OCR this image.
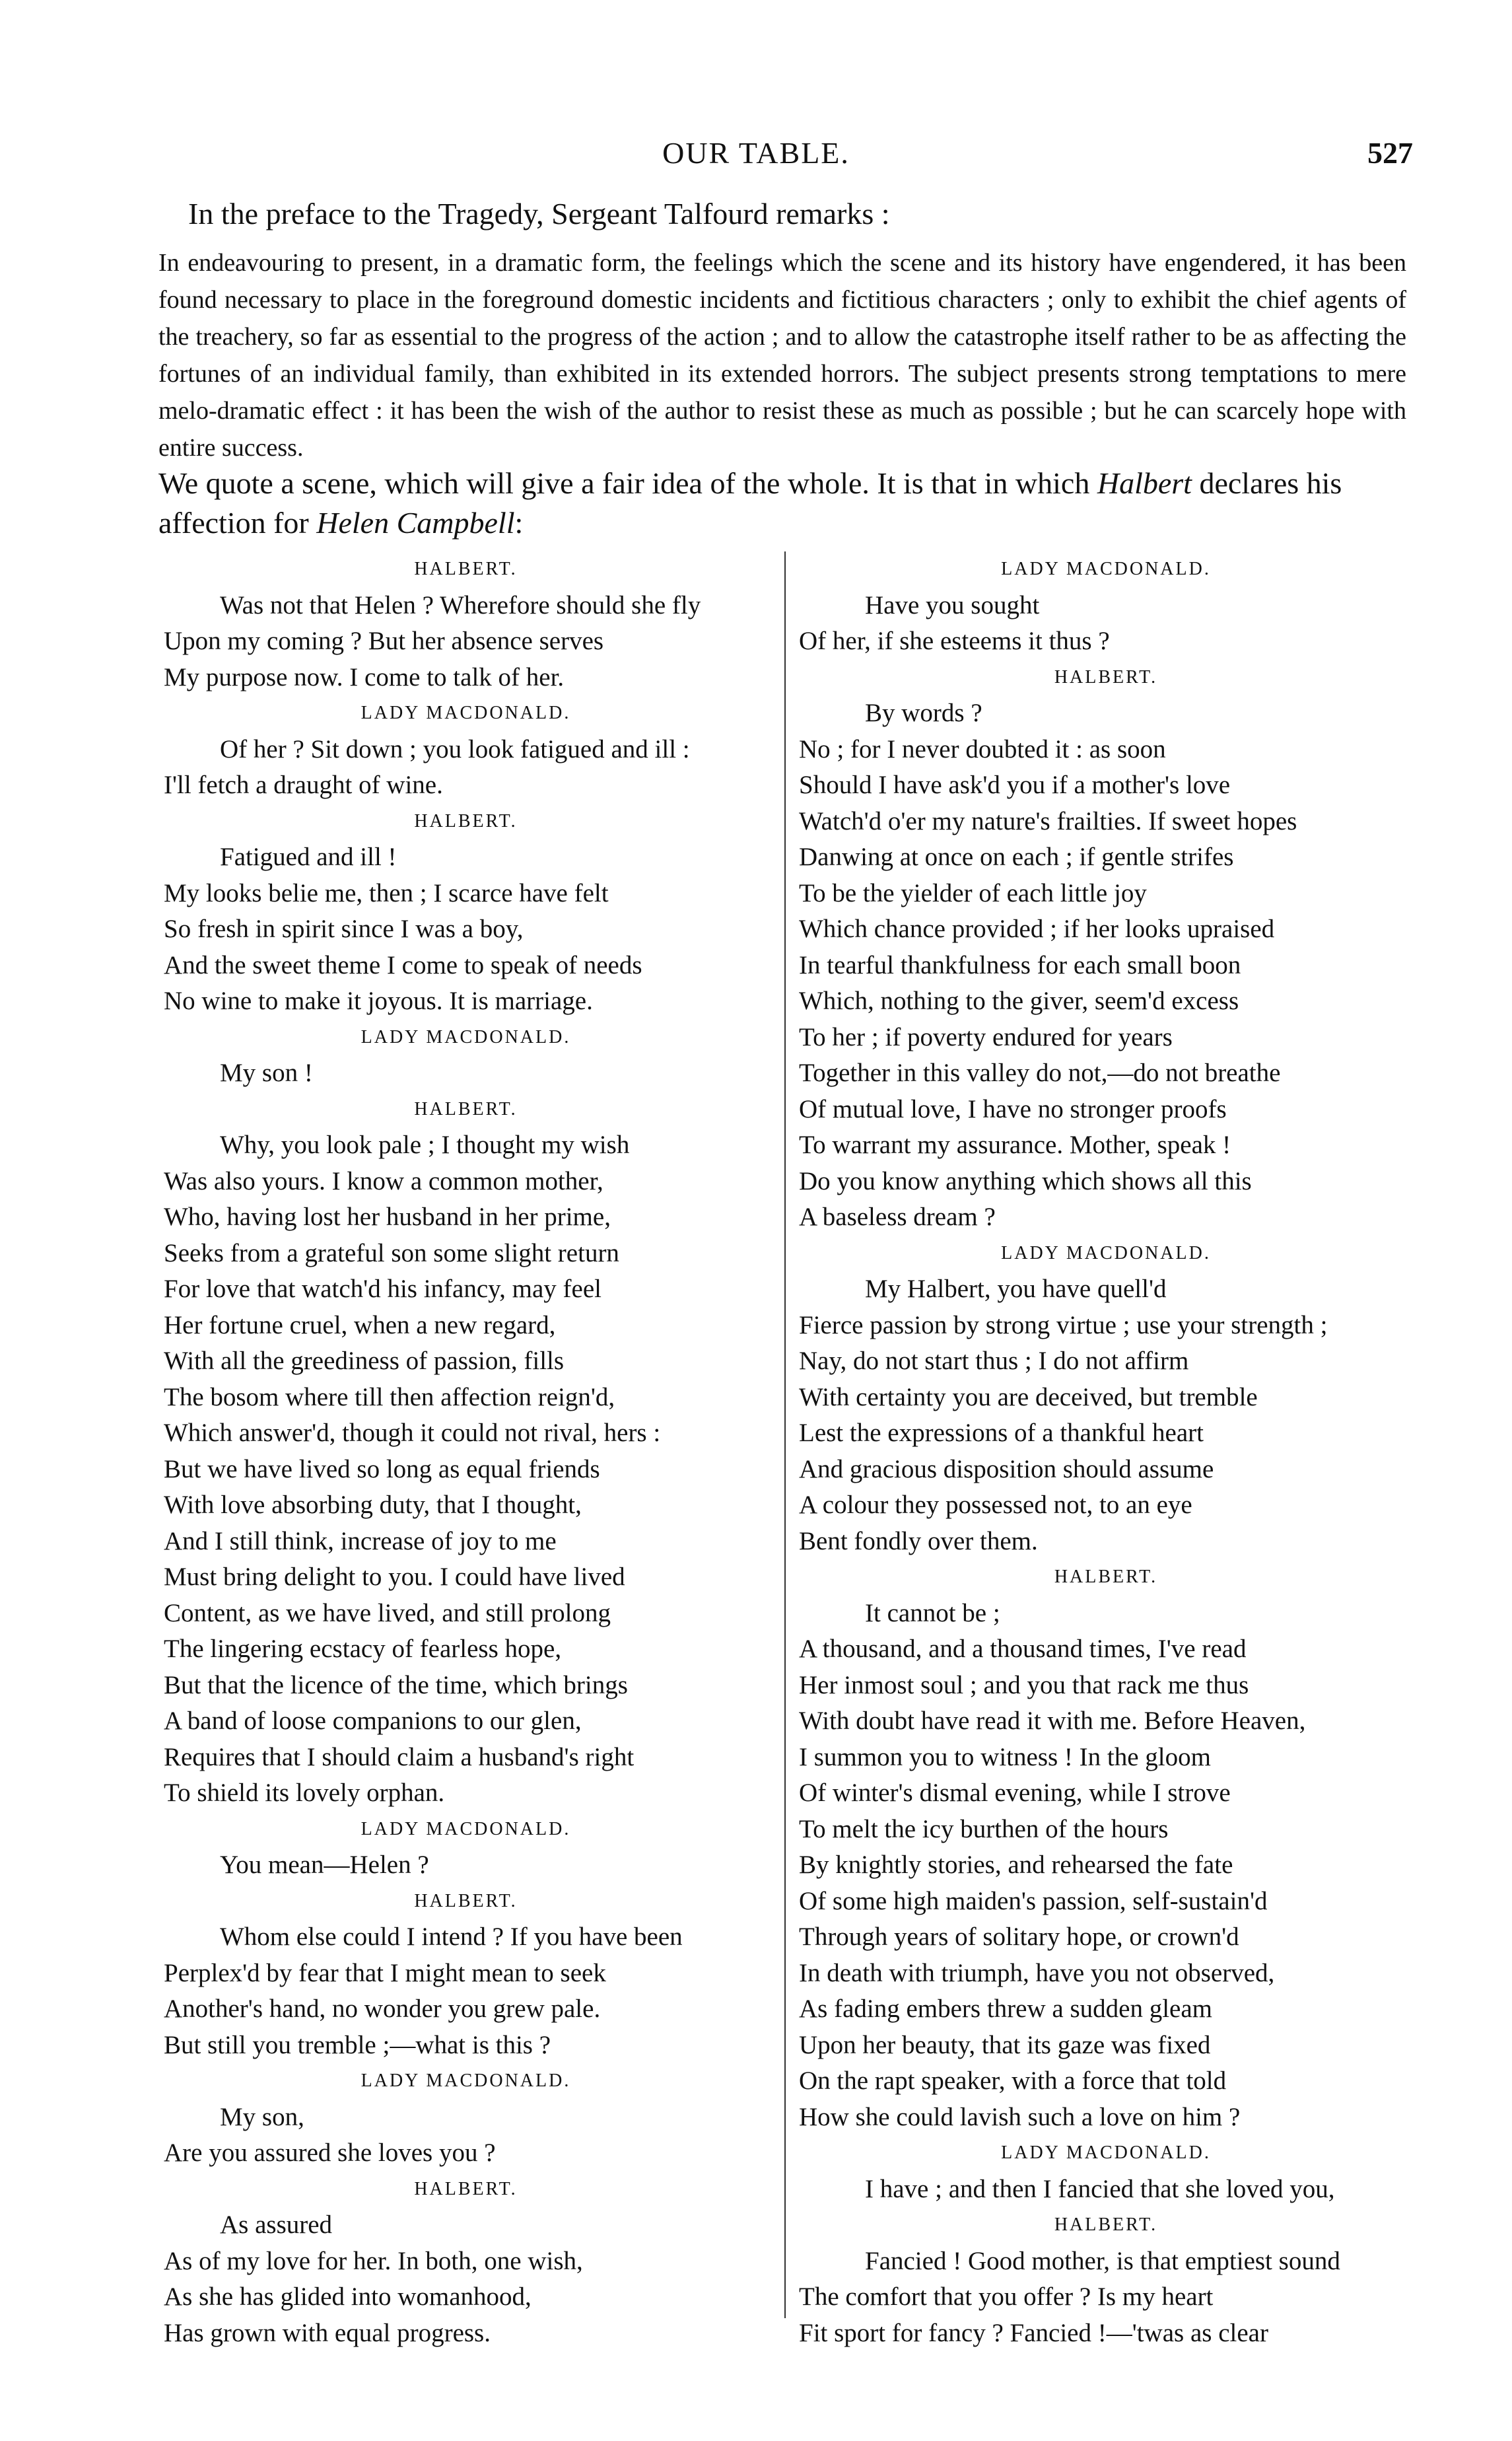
OUR TABLE.	527
In the preface to the Tragedy, Sergeant Talfourd remarks :
In endeavouring to present, in a dramatic form, the feelings which the scene and its history have engendered, it has been found necessary to place in the foreground domestic incidents and fictitious characters ; only to exhibit the chief agents of the treachery, so far as essential to the progress of the action ; and to allow the catastrophe itself rather to be as affecting the fortunes of an individual family, than exhibited in its extended horrors. The subject presents strong temptations to mere melo-dramatic effect : it has been the wish of the author to resist these as much as possible ; but he can scarcely hope with entire success.
We quote a scene, which will give a fair idea of the whole. It is that in which Halbert declares his affection for Helen Campbell:
HALBERT.
Was not that Helen ? Wherefore should she fly
Upon my coming ? But her absence serves
My purpose now. I come to talk of her.
LADY MACDONALD.
Of her ? Sit down ; you look fatigued and ill :
I'll fetch a draught of wine.
HALBERT.
Fatigued and ill !
My looks belie me, then ; I scarce have felt
So fresh in spirit since I was a boy,
And the sweet theme I come to speak of needs
No wine to make it joyous. It is marriage.
LADY MACDONALD.
My son !
HALBERT.
Why, you look pale ; I thought my wish
Was also yours. I know a common mother,
Who, having lost her husband in her prime,
Seeks from a grateful son some slight return
For love that watch'd his infancy, may feel
Her fortune cruel, when a new regard,
With all the greediness of passion, fills
The bosom where till then affection reign'd,
Which answer'd, though it could not rival, hers :
But we have lived so long as equal friends
With love absorbing duty, that I thought,
And I still think, increase of joy to me
Must bring delight to you. I could have lived
Content, as we have lived, and still prolong
The lingering ecstacy of fearless hope,
But that the licence of the time, which brings
A band of loose companions to our glen,
Requires that I should claim a husband's right
To shield its lovely orphan.
LADY MACDONALD.
You mean—Helen ?
HALBERT.
Whom else could I intend ? If you have been
Perplex'd by fear that I might mean to seek
Another's hand, no wonder you grew pale.
But still you tremble ;—what is this ?
LADY MACDONALD.
My son,
Are you assured she loves you ?
HALBERT.
As assured
As of my love for her. In both, one wish,
As she has glided into womanhood,
Has grown with equal progress.
LADY MACDONALD.
Have you sought
Of her, if she esteems it thus ?
HALBERT.
By words ?
No ; for I never doubted it : as soon
Should I have ask'd you if a mother's love
Watch'd o'er my nature's frailties. If sweet hopes
Danwing at once on each ; if gentle strifes
To be the yielder of each little joy
Which chance provided ; if her looks upraised
In tearful thankfulness for each small boon
Which, nothing to the giver, seem'd excess
To her ; if poverty endured for years
Together in this valley do not,—do not breathe
Of mutual love, I have no stronger proofs
To warrant my assurance. Mother, speak !
Do you know anything which shows all this
A baseless dream ?
LADY MACDONALD.
My Halbert, you have quell'd
Fierce passion by strong virtue ; use your strength ;
Nay, do not start thus ; I do not affirm
With certainty you are deceived, but tremble
Lest the expressions of a thankful heart
And gracious disposition should assume
A colour they possessed not, to an eye
Bent fondly over them.
HALBERT.
It cannot be ;
A thousand, and a thousand times, I've read
Her inmost soul ; and you that rack me thus
With doubt have read it with me. Before Heaven,
I summon you to witness ! In the gloom
Of winter's dismal evening, while I strove
To melt the icy burthen of the hours
By knightly stories, and rehearsed the fate
Of some high maiden's passion, self-sustain'd
Through years of solitary hope, or crown'd
In death with triumph, have you not observed,
As fading embers threw a sudden gleam
Upon her beauty, that its gaze was fixed
On the rapt speaker, with a force that told
How she could lavish such a love on him ?
LADY MACDONALD.
I have ; and then I fancied that she loved you,
HALBERT.
Fancied ! Good mother, is that emptiest sound
The comfort that you offer ? Is my heart
Fit sport for fancy ? Fancied !—'twas as clear
